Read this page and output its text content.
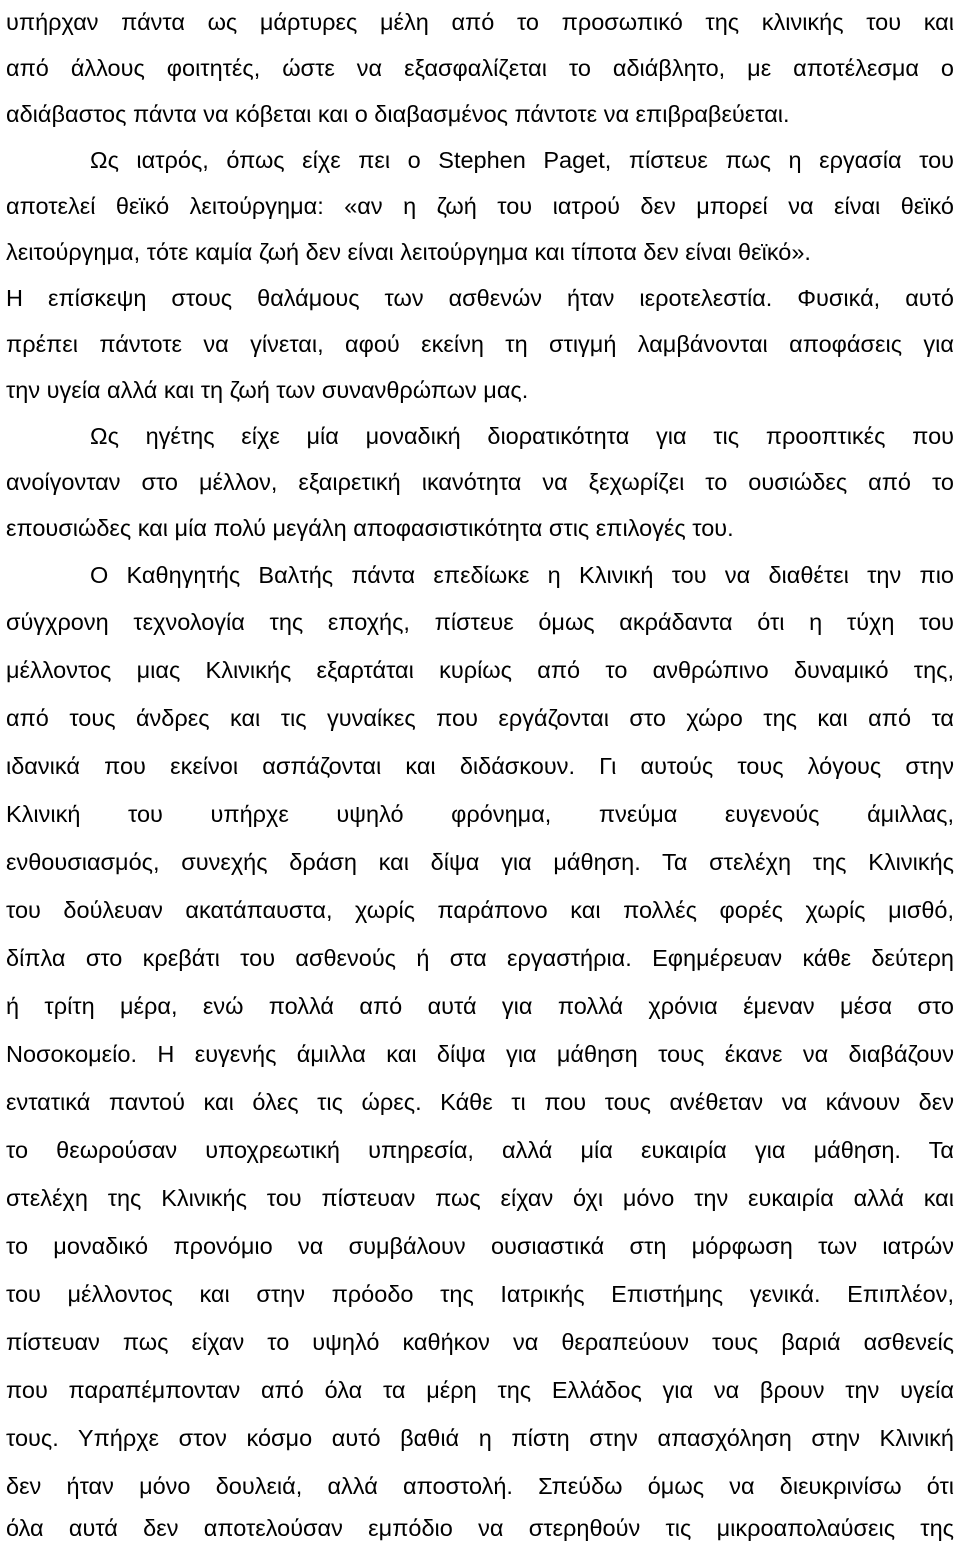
υπήρχαν πάντα ως μάρτυρες μέλη από το προσωπικό της κλινικής του και
από άλλους φοιτητές, ώστε να εξασφαλίζεται το αδιάβλητο, με αποτέλεσμα ο
αδιάβαστος πάντα να κόβεται και ο διαβασμένος πάντοτε να επιβραβεύεται.
Ως ιατρός, όπως είχε πει ο Stephen Paget, πίστευε πως η εργασία του
αποτελεί θεϊκό λειτούργημα: «αν η ζωή του ιατρού δεν μπορεί να είναι θεϊκό
λειτούργημα, τότε καμία ζωή δεν είναι λειτούργημα και τίποτα δεν είναι θεϊκό».
Η επίσκεψη στους θαλάμους των ασθενών ήταν ιεροτελεστία. Φυσικά, αυτό
πρέπει πάντοτε να γίνεται, αφού εκείνη τη στιγμή λαμβάνονται αποφάσεις για
την υγεία αλλά και τη ζωή των συνανθρώπων μας.
Ως ηγέτης είχε μία μοναδική διορατικότητα για τις προοπτικές που
ανοίγονταν στο μέλλον, εξαιρετική ικανότητα να ξεχωρίζει το ουσιώδες από το
επουσιώδες και μία πολύ μεγάλη αποφασιστικότητα στις επιλογές του.
Ο Καθηγητής Βαλτής πάντα επεδίωκε η Κλινική του να διαθέτει την πιο
σύγχρονη τεχνολογία της εποχής, πίστευε όμως ακράδαντα ότι η τύχη του
μέλλοντος μιας Κλινικής εξαρτάται κυρίως από το ανθρώπινο δυναμικό της,
από τους άνδρες και τις γυναίκες που εργάζονται στο χώρο της και από τα
ιδανικά που εκείνοι ασπάζονται και διδάσκουν. Γι αυτούς τους λόγους στην
Κλινική του υπήρχε υψηλό φρόνημα, πνεύμα ευγενούς άμιλλας,
ενθουσιασμός, συνεχής δράση και δίψα για μάθηση. Τα στελέχη της Κλινικής
του δούλευαν ακατάπαυστα, χωρίς παράπονο και πολλές φορές χωρίς μισθό,
δίπλα στο κρεβάτι του ασθενούς ή στα εργαστήρια. Εφημέρευαν κάθε δεύτερη
ή τρίτη μέρα, ενώ πολλά από αυτά για πολλά χρόνια έμεναν μέσα στο
Νοσοκομείο. Η ευγενής άμιλλα και δίψα για μάθηση τους έκανε να διαβάζουν
εντατικά παντού και όλες τις ώρες. Κάθε τι που τους ανέθεταν να κάνουν δεν
το θεωρούσαν υποχρεωτική υπηρεσία, αλλά μία ευκαιρία για μάθηση. Τα
στελέχη της Κλινικής του πίστευαν πως είχαν όχι μόνο την ευκαιρία αλλά και
το μοναδικό προνόμιο να συμβάλουν ουσιαστικά στη μόρφωση των ιατρών
του μέλλοντος και στην πρόοδο της Ιατρικής Επιστήμης γενικά. Επιπλέον,
πίστευαν πως είχαν το υψηλό καθήκον να θεραπεύουν τους βαριά ασθενείς
που παραπέμπονταν από όλα τα μέρη της Ελλάδος για να βρουν την υγεία
τους. Υπήρχε στον κόσμο αυτό βαθιά η πίστη στην απασχόληση στην Κλινική
δεν ήταν μόνο δουλειά, αλλά αποστολή. Σπεύδω όμως να διευκρινίσω ότι
όλα αυτά δεν αποτελούσαν εμπόδιο να στερηθούν τις μικροαπολαύσεις της
